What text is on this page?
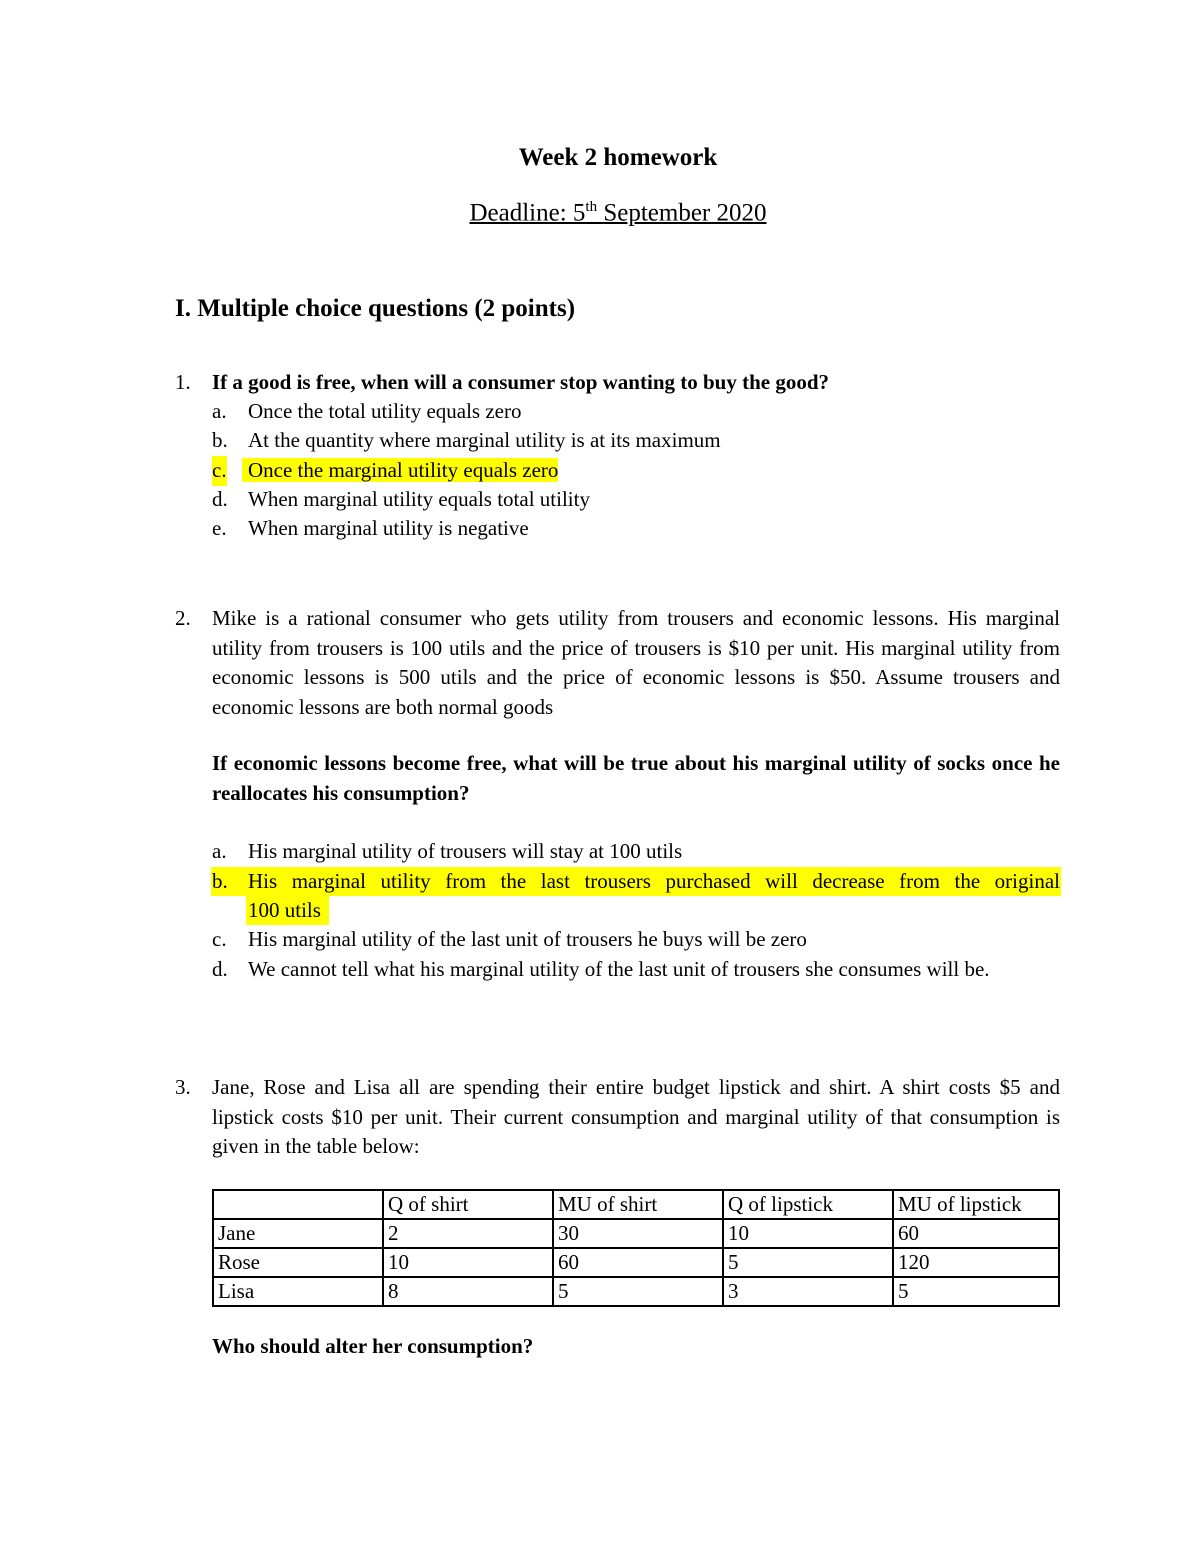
Week 2 homework
Deadline: 5th September 2020
I. Multiple choice questions (2 points)
1. If a good is free, when will a consumer stop wanting to buy the good?
a. Once the total utility equals zero
b. At the quantity where marginal utility is at its maximum
c. Once the marginal utility equals zero
d. When marginal utility equals total utility
e. When marginal utility is negative
2. Mike is a rational consumer who gets utility from trousers and economic lessons. His marginal utility from trousers is 100 utils and the price of trousers is $10 per unit. His marginal utility from economic lessons is 500 utils and the price of economic lessons is $50. Assume trousers and economic lessons are both normal goods
If economic lessons become free, what will be true about his marginal utility of socks once he reallocates his consumption?
a. His marginal utility of trousers will stay at 100 utils
b. His marginal utility from the last trousers purchased will decrease from the original
100 utils
c. His marginal utility of the last unit of trousers he buys will be zero
d. We cannot tell what his marginal utility of the last unit of trousers she consumes will be.
3. Jane, Rose and Lisa all are spending their entire budget lipstick and shirt. A shirt costs $5 and lipstick costs $10 per unit. Their current consumption and marginal utility of that consumption is given in the table below:
	Q of shirt	MU of shirt	Q of lipstick	MU of lipstick
Jane	2	30	10	60
Rose	10	60	5	120
Lisa	8	5	3	5
Who should alter her consumption?
